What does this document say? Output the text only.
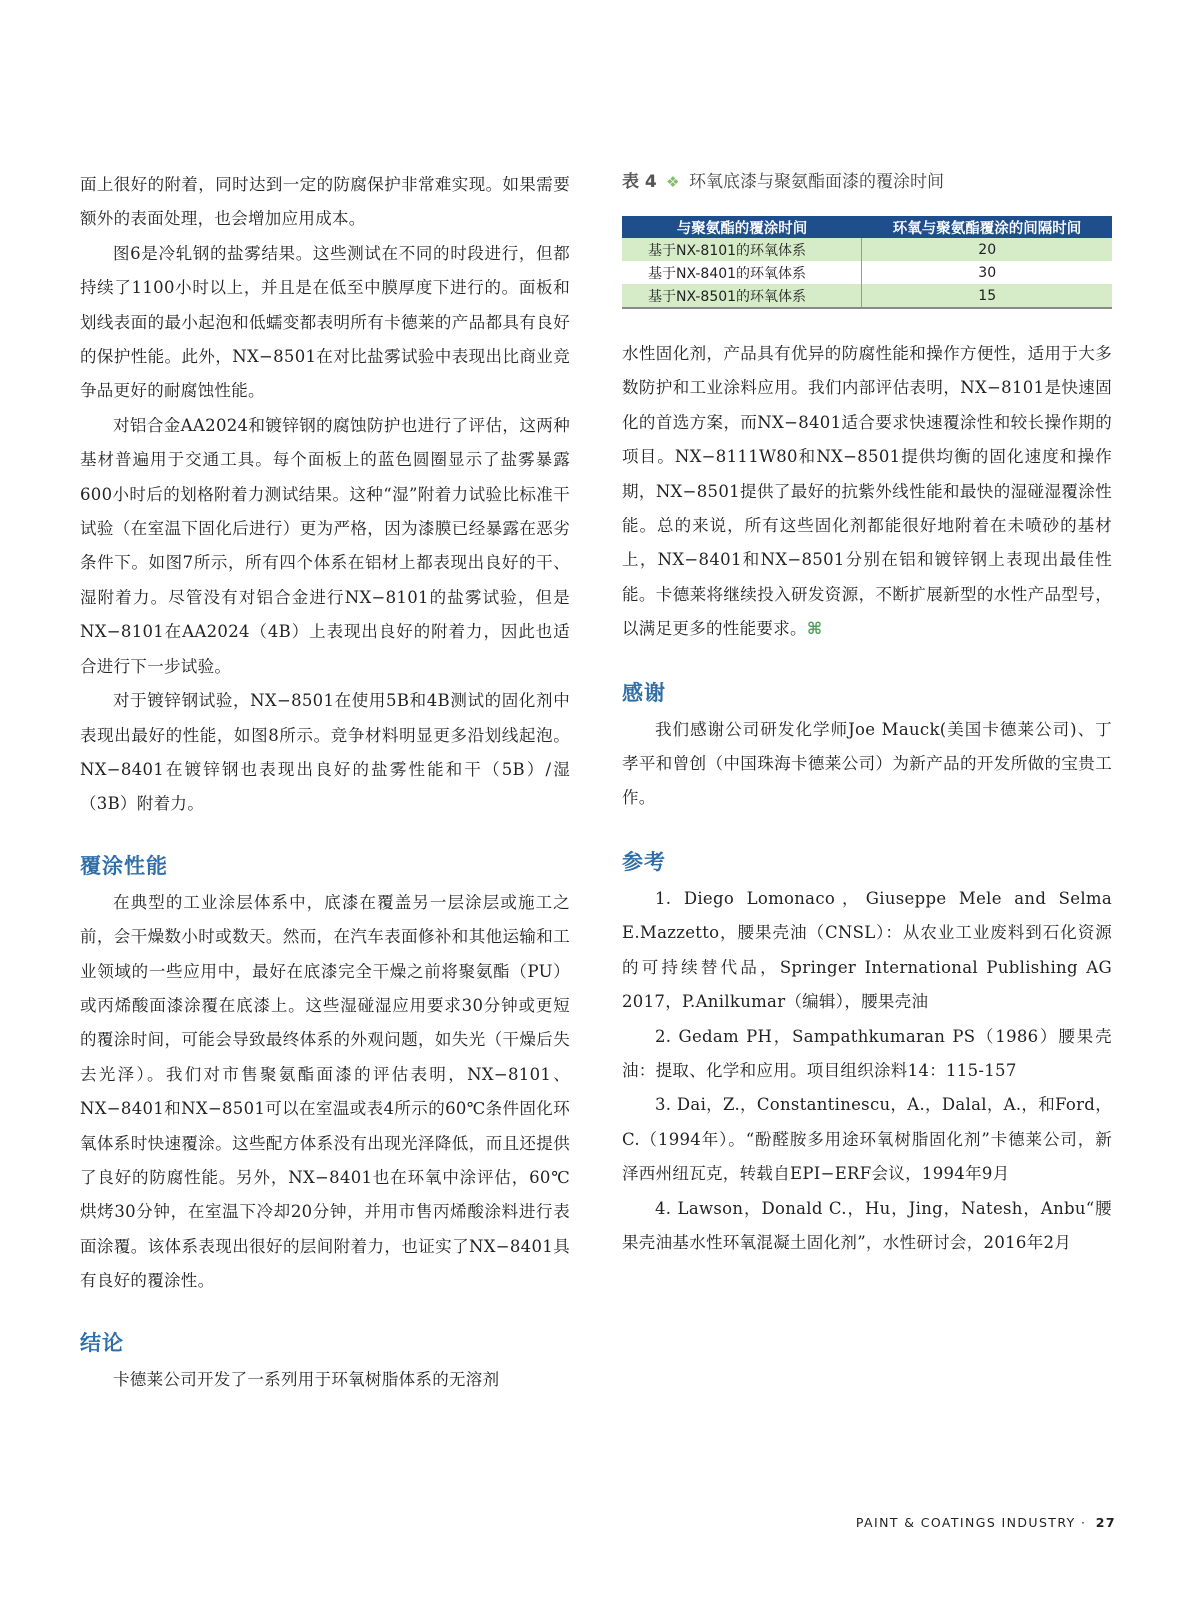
面上很好的附着，同时达到一定的防腐保护非常难实现。如果需要额外的表面处理，也会增加应用成本。

图6是冷轧钢的盐雾结果。这些测试在不同的时段进行，但都持续了1100小时以上，并且是在低至中膜厚度下进行的。面板和划线表面的最小起泡和低蠕变都表明所有卡德莱的产品都具有良好的保护性能。此外，NX−8501在对比盐雾试验中表现出比商业竞争品更好的耐腐蚀性能。

对铝合金AA2024和镀锌钢的腐蚀防护也进行了评估，这两种基材普遍用于交通工具。每个面板上的蓝色圆圈显示了盐雾暴露600小时后的划格附着力测试结果。这种“湿”附着力试验比标准干试验（在室温下固化后进行）更为严格，因为漆膜已经暴露在恶劣条件下。如图7所示，所有四个体系在铝材上都表现出良好的干、湿附着力。尽管没有对铝合金进行NX−8101的盐雾试验，但是NX−8101在AA2024（4B）上表现出良好的附着力，因此也适合进行下一步试验。

对于镀锌钢试验，NX−8501在使用5B和4B测试的固化剂中表现出最好的性能，如图8所示。竞争材料明显更多沿划线起泡。NX−8401在镀锌钢也表现出良好的盐雾性能和干（5B）/湿（3B）附着力。

覆涂性能

在典型的工业涂层体系中，底漆在覆盖另一层涂层或施工之前，会干燥数小时或数天。然而，在汽车表面修补和其他运输和工业领域的一些应用中，最好在底漆完全干燥之前将聚氨酯（PU）或丙烯酸面漆涂覆在底漆上。这些湿碰湿应用要求30分钟或更短的覆涂时间，可能会导致最终体系的外观问题，如失光（干燥后失去光泽）。我们对市售聚氨酯面漆的评估表明，NX−8101、NX−8401和NX−8501可以在室温或表4所示的60℃条件固化环氧体系时快速覆涂。这些配方体系没有出现光泽降低，而且还提供了良好的防腐性能。另外，NX−8401也在环氧中涂评估，60℃烘烤30分钟，在室温下冷却20分钟，并用市售丙烯酸涂料进行表面涂覆。该体系表现出很好的层间附着力，也证实了NX−8401具有良好的覆涂性。

结论

卡德莱公司开发了一系列用于环氧树脂体系的无溶剂

表 4 ❖ 环氧底漆与聚氨酯面漆的覆涂时间
与聚氨酯的覆涂时间	环氧与聚氨酯覆涂的间隔时间
基于NX-8101的环氧体系	20
基于NX-8401的环氧体系	30
基于NX-8501的环氧体系	15

水性固化剂，产品具有优异的防腐性能和操作方便性，适用于大多数防护和工业涂料应用。我们内部评估表明，NX−8101是快速固化的首选方案，而NX−8401适合要求快速覆涂性和较长操作期的项目。NX−8111W80和NX−8501提供均衡的固化速度和操作期，NX−8501提供了最好的抗紫外线性能和最快的湿碰湿覆涂性能。总的来说，所有这些固化剂都能很好地附着在未喷砂的基材上，NX−8401和NX−8501分别在铝和镀锌钢上表现出最佳性能。卡德莱将继续投入研发资源，不断扩展新型的水性产品型号，以满足更多的性能要求。⌘

感谢

我们感谢公司研发化学师Joe Mauck(美国卡德莱公司)、丁孝平和曾创（中国珠海卡德莱公司）为新产品的开发所做的宝贵工作。

参考

1. Diego Lomonaco，Giuseppe Mele and Selma E.Mazzetto，腰果壳油（CNSL）：从农业工业废料到石化资源的可持续替代品，Springer International Publishing AG 2017，P.Anilkumar（编辑），腰果壳油

2. Gedam PH，Sampathkumaran PS（1986）腰果壳油：提取、化学和应用。项目组织涂料14：115‑157

3. Dai，Z.，Constantinescu，A.，Dalal，A.，和Ford，C.（1994年）。“酚醛胺多用途环氧树脂固化剂”卡德莱公司，新泽西州纽瓦克，转载自EPI−ERF会议，1994年9月

4. Lawson，Donald C.，Hu，Jing，Natesh，Anbu“腰果壳油基水性环氧混凝土固化剂”，水性研讨会，2016年2月

PAINT & COATINGS INDUSTRY · 27
